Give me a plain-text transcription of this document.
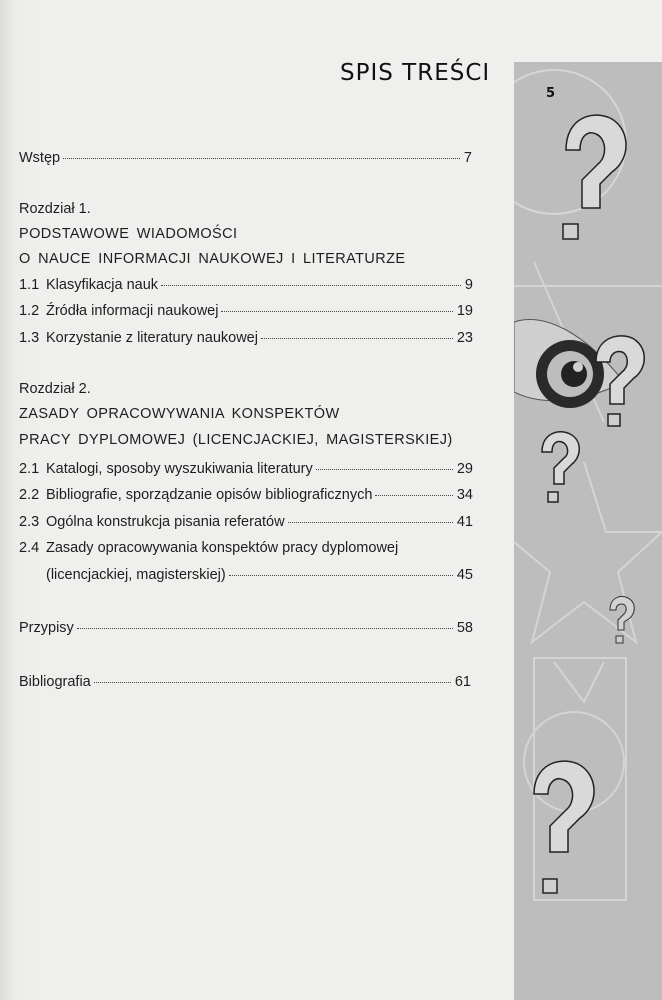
5
SPIS TREŚCI
Wstęp	7
Rozdział 1.
PODSTAWOWE WIADOMOŚCI
O NAUCE INFORMACJI NAUKOWEJ I LITERATURZE
1.1 Klasyfikacja nauk	9
1.2 Źródła informacji naukowej	19
1.3 Korzystanie z literatury naukowej	23
Rozdział 2.
ZASADY OPRACOWYWANIA KONSPEKTÓW
PRACY DYPLOMOWEJ (LICENCJACKIEJ, MAGISTERSKIEJ)
2.1 Katalogi, sposoby wyszukiwania literatury	29
2.2 Bibliografie, sporządzanie opisów bibliograficznych	34
2.3 Ogólna konstrukcja pisania referatów	41
2.4 Zasady opracowywania konspektów pracy dyplomowej
(licencjackiej, magisterskiej)	45
Przypisy	58
Bibliografia	61
